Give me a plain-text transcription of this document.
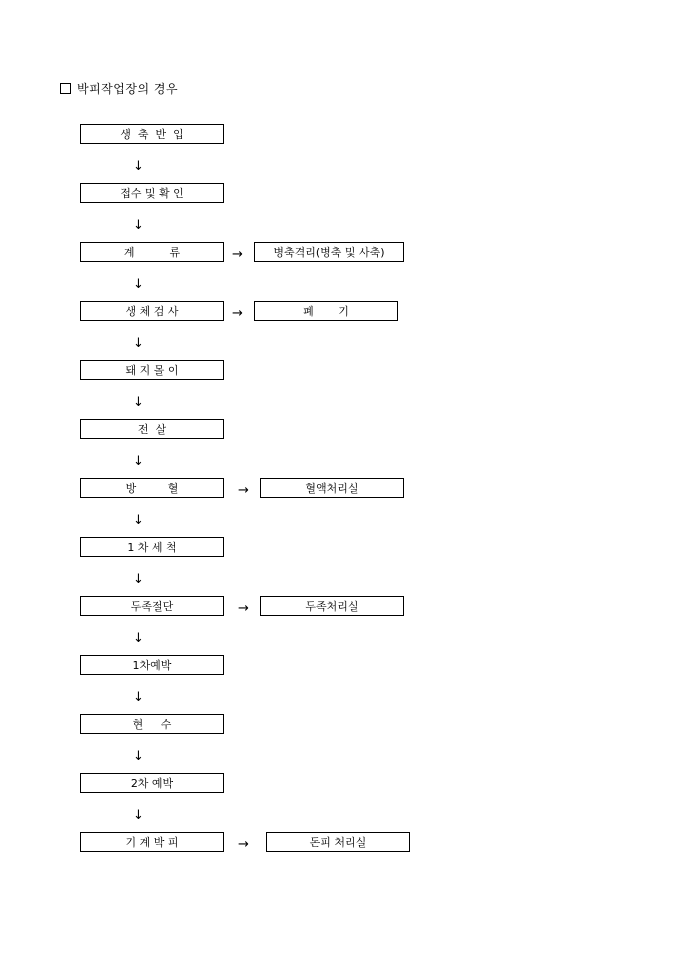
박피작업장의 경우
생  축  반  입
↓
접수 및 확 인
↓
계          류	→	병축격리(병축 및 사축)
↓
생 체 검 사	→	폐       기
↓
돼 지 몰 이
↓
전  살
↓
방         혈	→	혈액처리실
↓
1 차 세 척
↓
두족절단	→	두족처리실
↓
1차예박
↓
현     수
↓
2차 예박
↓
기 계 박 피	→	돈피 처리실
